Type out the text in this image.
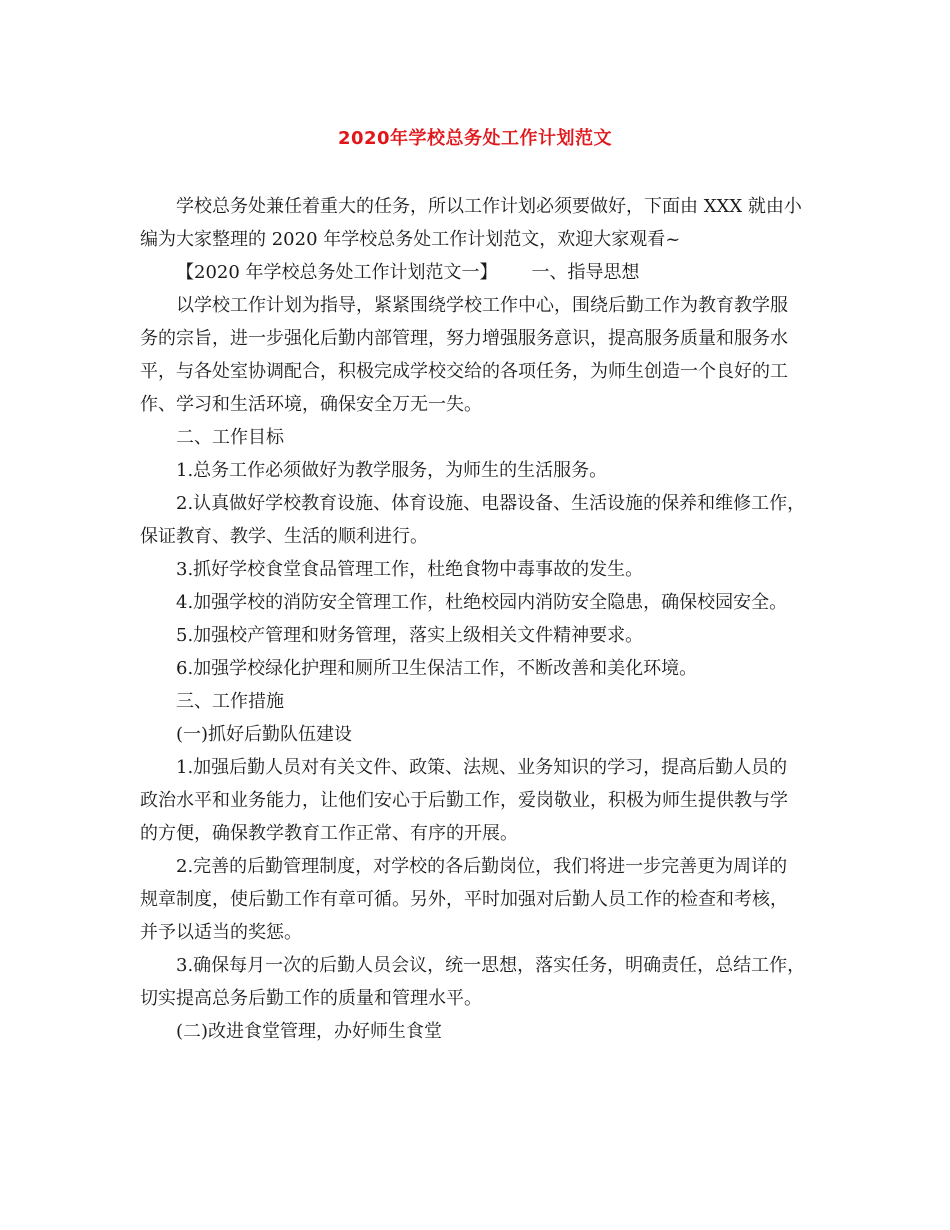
2020年学校总务处工作计划范文
学校总务处兼任着重大的任务，所以工作计划必须要做好，下面由 XXX 就由小
编为大家整理的 2020 年学校总务处工作计划范文，欢迎大家观看~
【2020 年学校总务处工作计划范文一】 一、指导思想
以学校工作计划为指导，紧紧围绕学校工作中心，围绕后勤工作为教育教学服
务的宗旨，进一步强化后勤内部管理，努力增强服务意识，提高服务质量和服务水
平，与各处室协调配合，积极完成学校交给的各项任务，为师生创造一个良好的工
作、学习和生活环境，确保安全万无一失。
二、工作目标
1.总务工作必须做好为教学服务，为师生的生活服务。
2.认真做好学校教育设施、体育设施、电器设备、生活设施的保养和维修工作，
保证教育、教学、生活的顺利进行。
3.抓好学校食堂食品管理工作，杜绝食物中毒事故的发生。
4.加强学校的消防安全管理工作，杜绝校园内消防安全隐患，确保校园安全。
5.加强校产管理和财务管理，落实上级相关文件精神要求。
6.加强学校绿化护理和厕所卫生保洁工作，不断改善和美化环境。
三、工作措施
(一)抓好后勤队伍建设
1.加强后勤人员对有关文件、政策、法规、业务知识的学习，提高后勤人员的
政治水平和业务能力，让他们安心于后勤工作，爱岗敬业，积极为师生提供教与学
的方便，确保教学教育工作正常、有序的开展。
2.完善的后勤管理制度，对学校的各后勤岗位，我们将进一步完善更为周详的
规章制度，使后勤工作有章可循。另外，平时加强对后勤人员工作的检查和考核，
并予以适当的奖惩。
3.确保每月一次的后勤人员会议，统一思想，落实任务，明确责任，总结工作，
切实提高总务后勤工作的质量和管理水平。
(二)改进食堂管理，办好师生食堂
